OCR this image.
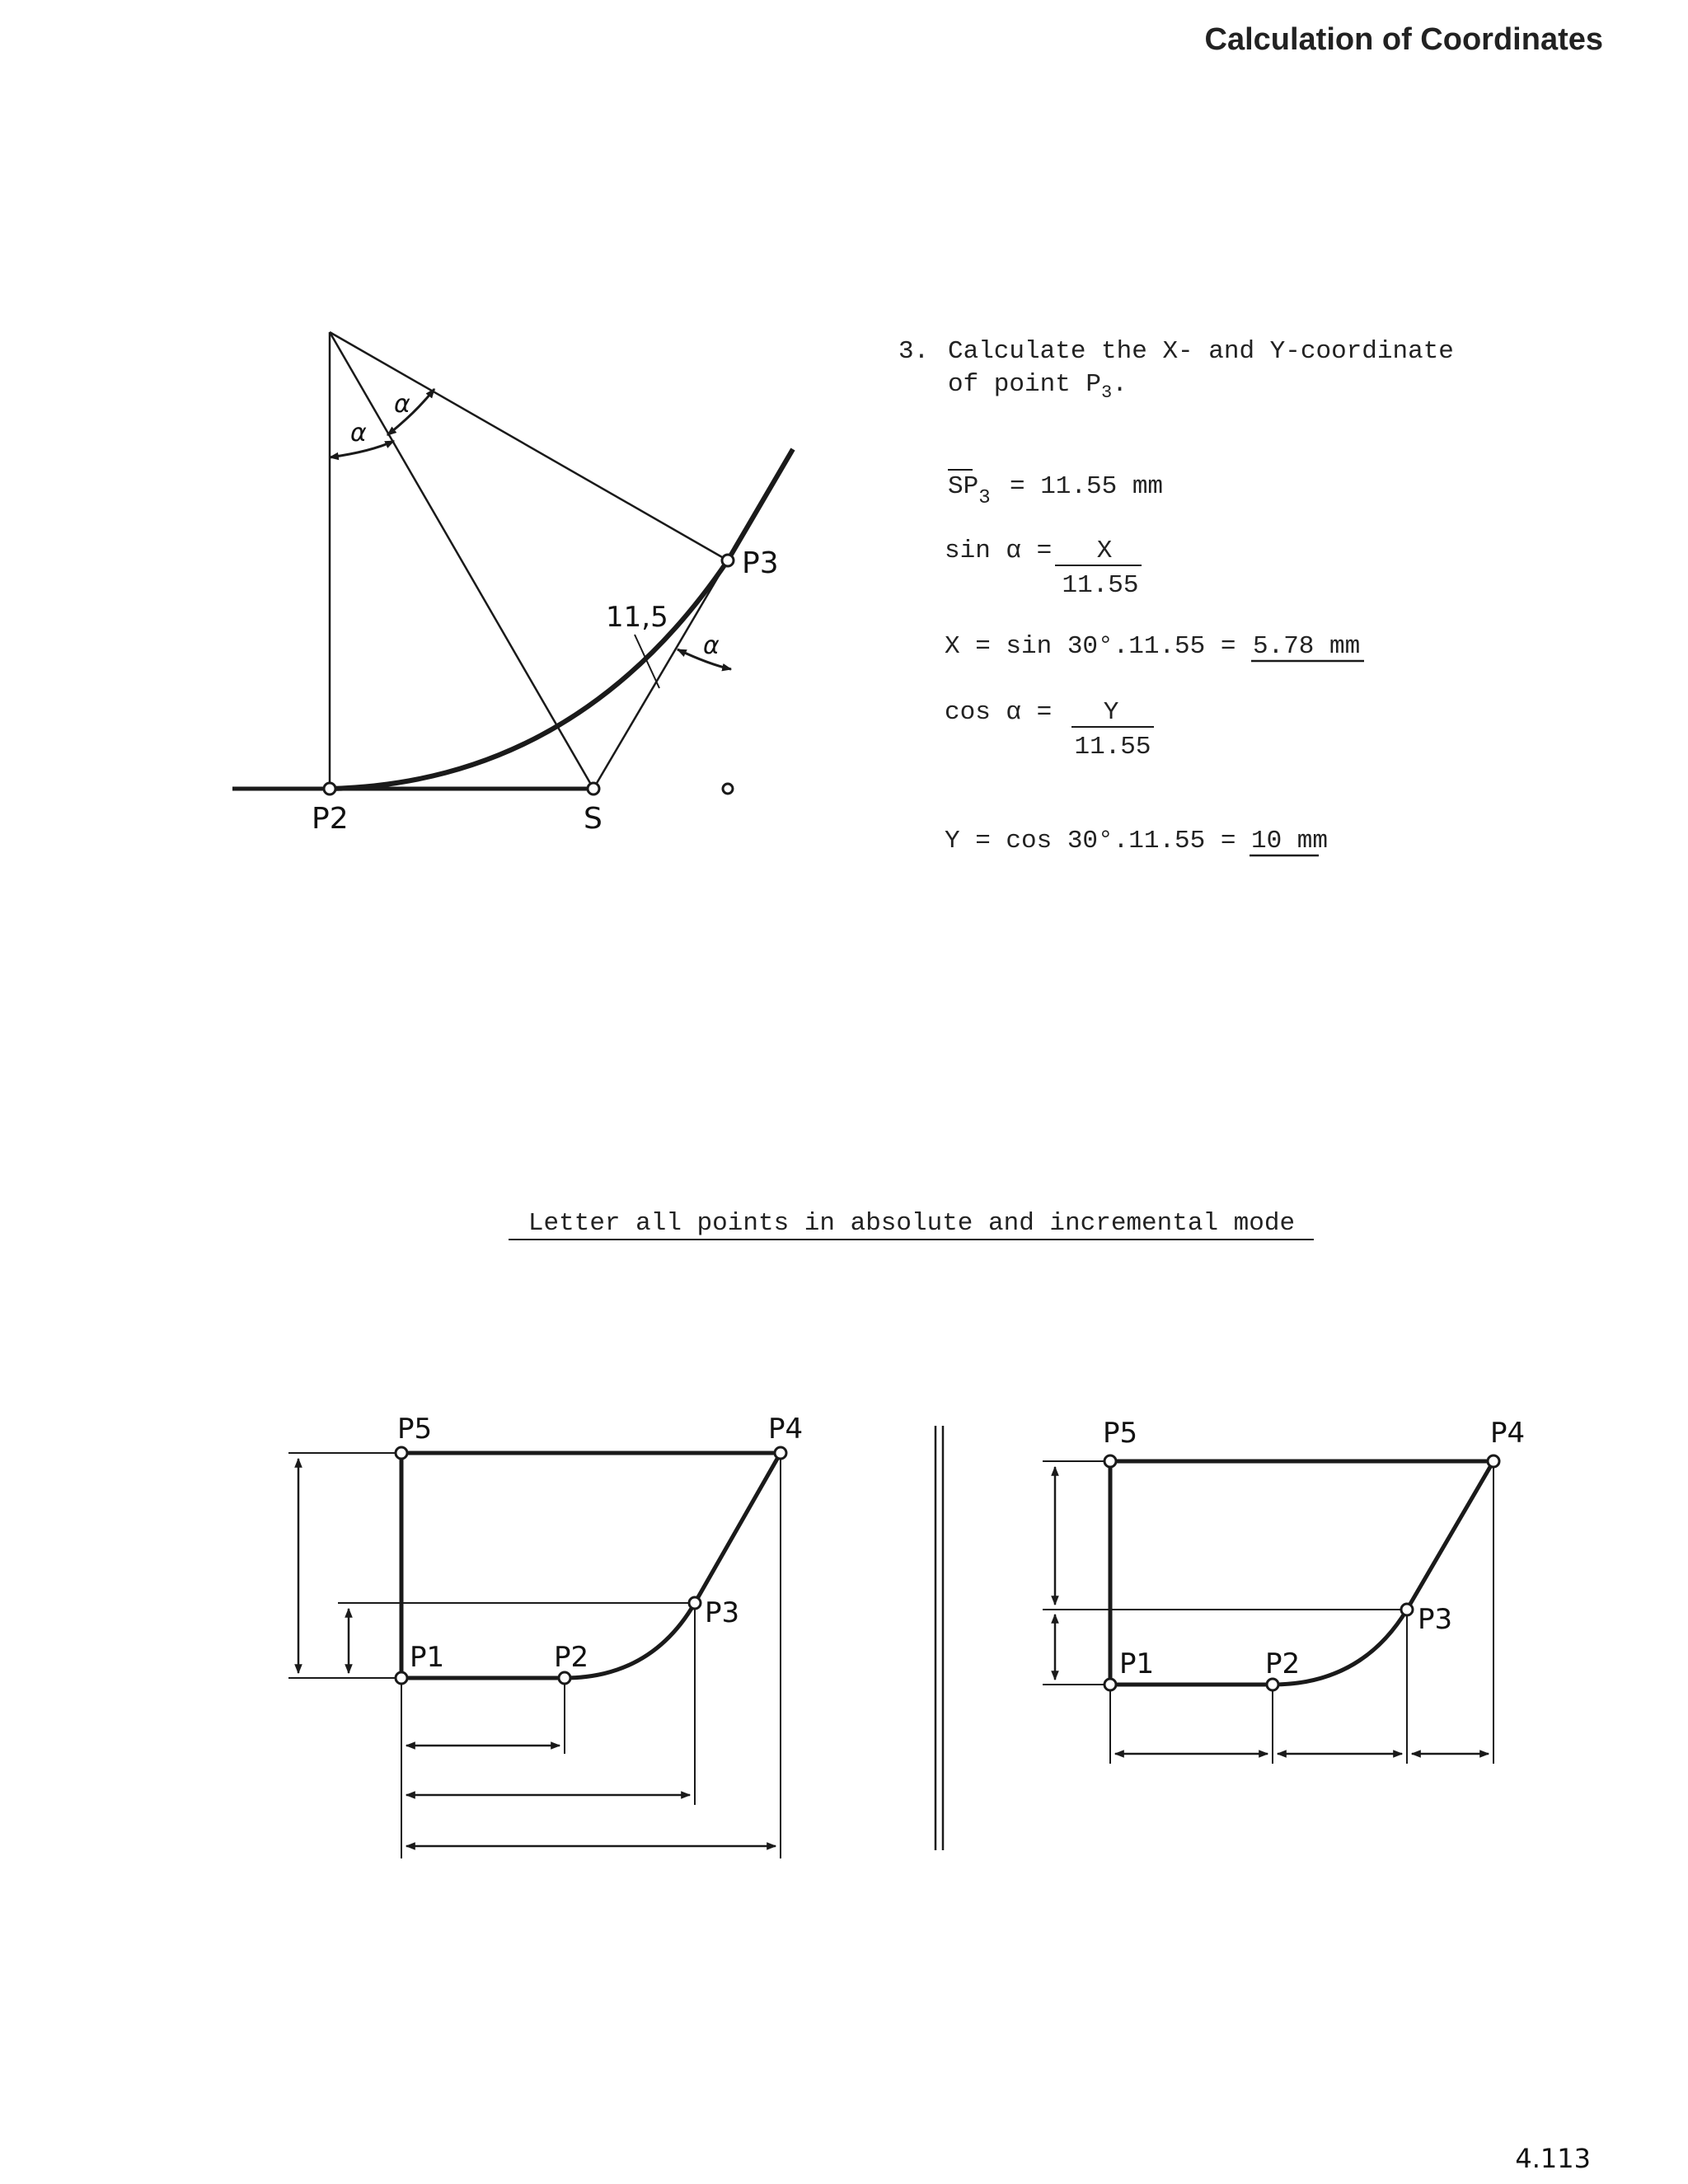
Calculation of Coordinates
4.113
α
α
α
11,5
P2	S
P3
3. Calculate the X- and Y-coordinate
of point $P_3$.
$SP_3 = 11.55$ mm
sin α = X
11.55
X = sin 30°.11.55 = 5.78 mm
cos α = Y
11.55
Y = cos 30°.11.55 = 10 mm
Letter all points in absolute and incremental mode
P1	P2
P3
P4
P5
P1	P2
P3
P4
P5
